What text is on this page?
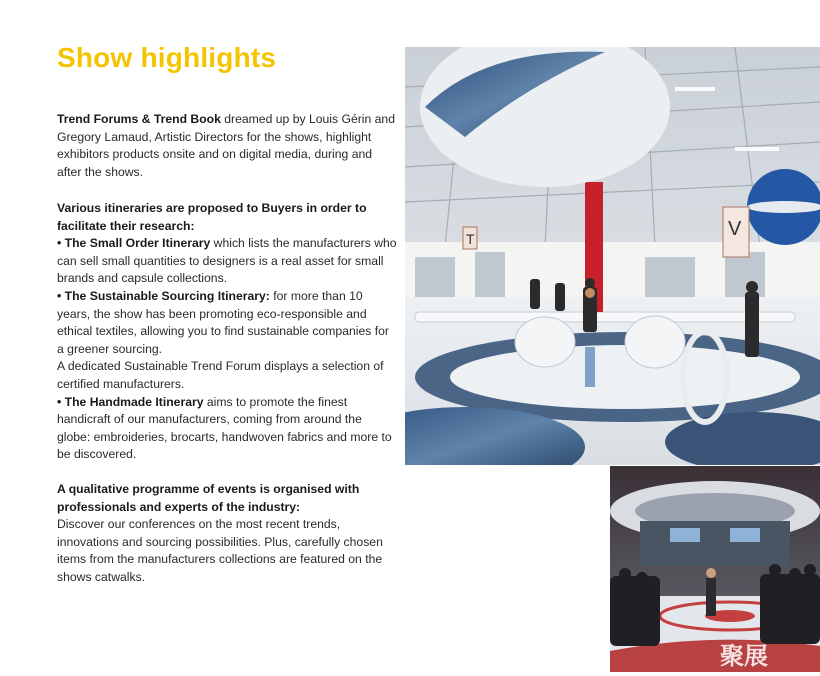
Show highlights
Trend Forums & Trend Book dreamed up by Louis Gérin and Gregory Lamaud, Artistic Directors for the shows, highlight exhibitors products onsite and on digital media, during and after the shows.
Various itineraries are proposed to Buyers in order to facilitate their research:
• The Small Order Itinerary which lists the manufacturers who can sell small quantities to designers is a real asset for small brands and capsule collections.
• The Sustainable Sourcing Itinerary: for more than 10 years, the show has been promoting eco-responsible and ethical textiles, allowing you to find sustainable companies for a greener sourcing.
A dedicated Sustainable Trend Forum displays a selection of certified manufacturers.
• The Handmade Itinerary aims to promote the finest handicraft of our manufacturers, coming from around the globe: embroideries, brocarts, handwoven fabrics and more to be discovered.
A qualitative programme of events is organised with professionals and experts of the industry:
Discover our conferences on the most recent trends, innovations and sourcing possibilities. Plus, carefully chosen items from the manufacturers collections are featured on the shows catwalks.
T	V
聚展
